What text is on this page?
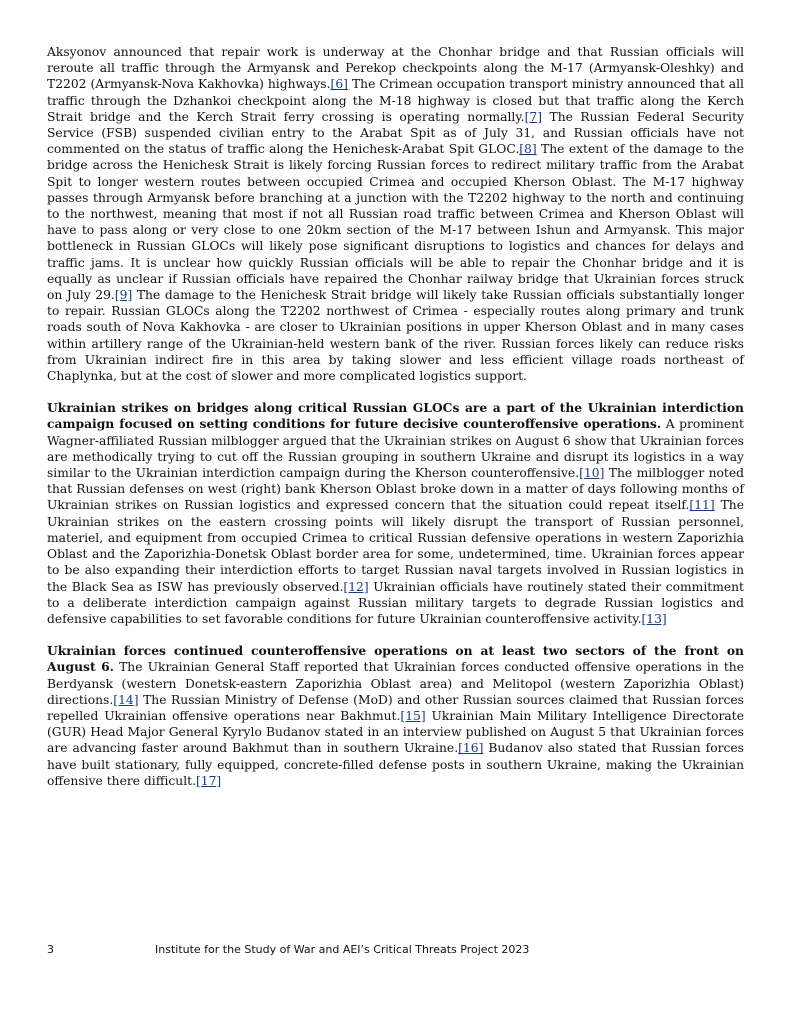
Aksyonov announced that repair work is underway at the Chonhar bridge and that Russian officials will reroute all traffic through the Armyansk and Perekop checkpoints along the M-17 (Armyansk-Oleshky) and T2202 (Armyansk-Nova Kakhovka) highways.[6] The Crimean occupation transport ministry announced that all traffic through the Dzhankoi checkpoint along the M-18 highway is closed but that traffic along the Kerch Strait bridge and the Kerch Strait ferry crossing is operating normally.[7] The Russian Federal Security Service (FSB) suspended civilian entry to the Arabat Spit as of July 31, and Russian officials have not commented on the status of traffic along the Henichesk-Arabat Spit GLOC.[8] The extent of the damage to the bridge across the Henichesk Strait is likely forcing Russian forces to redirect military traffic from the Arabat Spit to longer western routes between occupied Crimea and occupied Kherson Oblast. The M-17 highway passes through Armyansk before branching at a junction with the T2202 highway to the north and continuing to the northwest, meaning that most if not all Russian road traffic between Crimea and Kherson Oblast will have to pass along or very close to one 20km section of the M-17 between Ishun and Armyansk. This major bottleneck in Russian GLOCs will likely pose significant disruptions to logistics and chances for delays and traffic jams. It is unclear how quickly Russian officials will be able to repair the Chonhar bridge and it is equally as unclear if Russian officials have repaired the Chonhar railway bridge that Ukrainian forces struck on July 29.[9] The damage to the Henichesk Strait bridge will likely take Russian officials substantially longer to repair. Russian GLOCs along the T2202 northwest of Crimea - especially routes along primary and trunk roads south of Nova Kakhovka - are closer to Ukrainian positions in upper Kherson Oblast and in many cases within artillery range of the Ukrainian-held western bank of the river. Russian forces likely can reduce risks from Ukrainian indirect fire in this area by taking slower and less efficient village roads northeast of Chaplynka, but at the cost of slower and more complicated logistics support.

Ukrainian strikes on bridges along critical Russian GLOCs are a part of the Ukrainian interdiction campaign focused on setting conditions for future decisive counteroffensive operations. A prominent Wagner-affiliated Russian milblogger argued that the Ukrainian strikes on August 6 show that Ukrainian forces are methodically trying to cut off the Russian grouping in southern Ukraine and disrupt its logistics in a way similar to the Ukrainian interdiction campaign during the Kherson counteroffensive.[10] The milblogger noted that Russian defenses on west (right) bank Kherson Oblast broke down in a matter of days following months of Ukrainian strikes on Russian logistics and expressed concern that the situation could repeat itself.[11] The Ukrainian strikes on the eastern crossing points will likely disrupt the transport of Russian personnel, materiel, and equipment from occupied Crimea to critical Russian defensive operations in western Zaporizhia Oblast and the Zaporizhia-Donetsk Oblast border area for some, undetermined, time. Ukrainian forces appear to be also expanding their interdiction efforts to target Russian naval targets involved in Russian logistics in the Black Sea as ISW has previously observed.[12] Ukrainian officials have routinely stated their commitment to a deliberate interdiction campaign against Russian military targets to degrade Russian logistics and defensive capabilities to set favorable conditions for future Ukrainian counteroffensive activity.[13]

Ukrainian forces continued counteroffensive operations on at least two sectors of the front on August 6. The Ukrainian General Staff reported that Ukrainian forces conducted offensive operations in the Berdyansk (western Donetsk-eastern Zaporizhia Oblast area) and Melitopol (western Zaporizhia Oblast) directions.[14] The Russian Ministry of Defense (MoD) and other Russian sources claimed that Russian forces repelled Ukrainian offensive operations near Bakhmut.[15] Ukrainian Main Military Intelligence Directorate (GUR) Head Major General Kyrylo Budanov stated in an interview published on August 5 that Ukrainian forces are advancing faster around Bakhmut than in southern Ukraine.[16] Budanov also stated that Russian forces have built stationary, fully equipped, concrete-filled defense posts in southern Ukraine, making the Ukrainian offensive there difficult.[17]

3	Institute for the Study of War and AEI’s Critical Threats Project 2023
